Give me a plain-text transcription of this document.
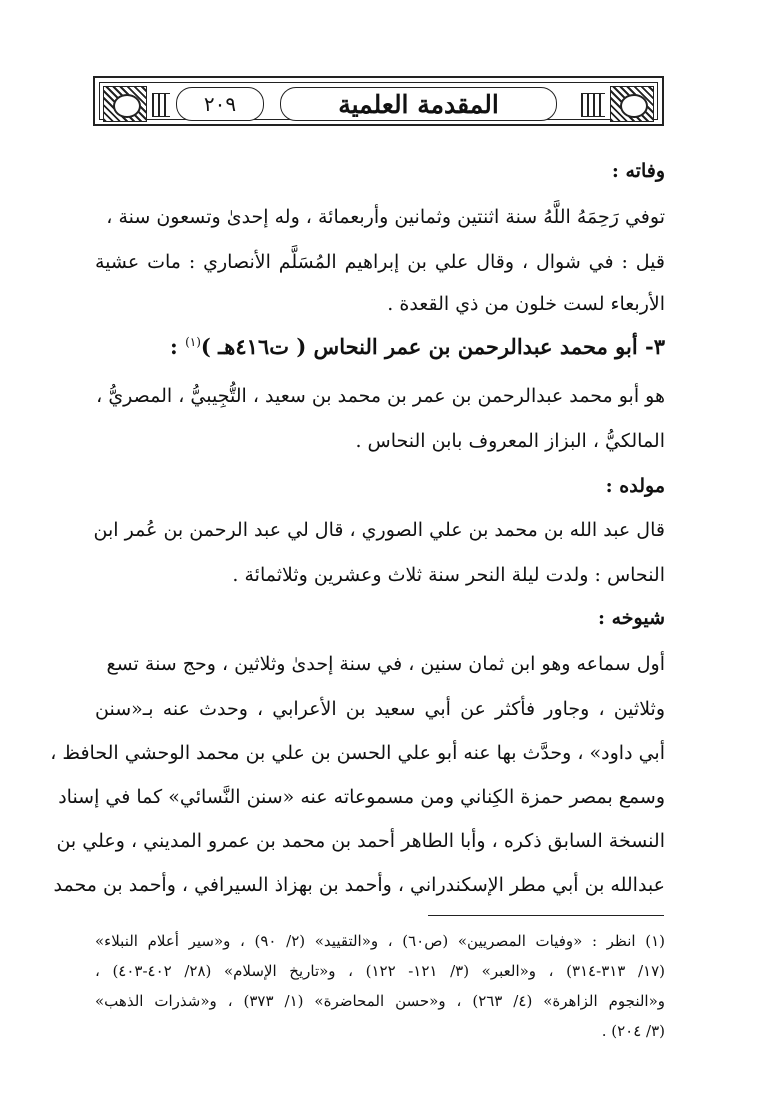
المقدمة العلمية
٢٠٩
وفاته :
توفي رَحِمَهُ اللَّهُ سنة اثنتين وثمانين وأربعمائة ، وله إحدىٰ وتسعون سنة ،
قيل : في شوال ، وقال علي بن إبراهيم المُسَلَّم الأنصاري : مات عشية
الأربعاء لست خلون من ذي القعدة .
٣- أبو محمد عبدالرحمن بن عمر النحاس ( ت٤١٦هـ )$^{(١)}$ :
هو أبو محمد عبدالرحمن بن عمر بن محمد بن سعيد ، التُّجِيبيُّ ، المصريُّ ،
المالكيُّ ، البزاز المعروف بابن النحاس .
مولده :
قال عبد الله بن محمد بن علي الصوري ، قال لي عبد الرحمن بن عُمر ابن
النحاس : ولدت ليلة النحر سنة ثلاث وعشرين وثلاثمائة .
شيوخه :
أول سماعه وهو ابن ثمان سنين ، في سنة إحدىٰ وثلاثين ، وحج سنة تسع
وثلاثين ، وجاور فأكثر عن أبي سعيد بن الأعرابي ، وحدث عنه بـ«سنن
أبي داود» ، وحدَّث بها عنه أبو علي الحسن بن علي بن محمد الوحشي الحافظ ،
وسمع بمصر حمزة الكِناني ومن مسموعاته عنه «سنن النَّسائي» كما في إسناد
النسخة السابق ذكره ، وأبا الطاهر أحمد بن محمد بن عمرو المديني ، وعلي بن
عبدالله بن أبي مطر الإسكندراني ، وأحمد بن بهزاذ السيرافي ، وأحمد بن محمد
(١) انظر : «وفيات المصريين» (ص٦٠) ، و«التقييد» (٢/ ٩٠) ، و«سير أعلام النبلاء»
(١٧/ ٣١٣-٣١٤) ، و«العبر» (٣/ ١٢١- ١٢٢) ، و«تاريخ الإسلام» (٢٨/ ٤٠٢-٤٠٣) ،
و«النجوم الزاهرة» (٤/ ٢٦٣) ، و«حسن المحاضرة» (١/ ٣٧٣) ، و«شذرات الذهب»
(٣/ ٢٠٤) .
